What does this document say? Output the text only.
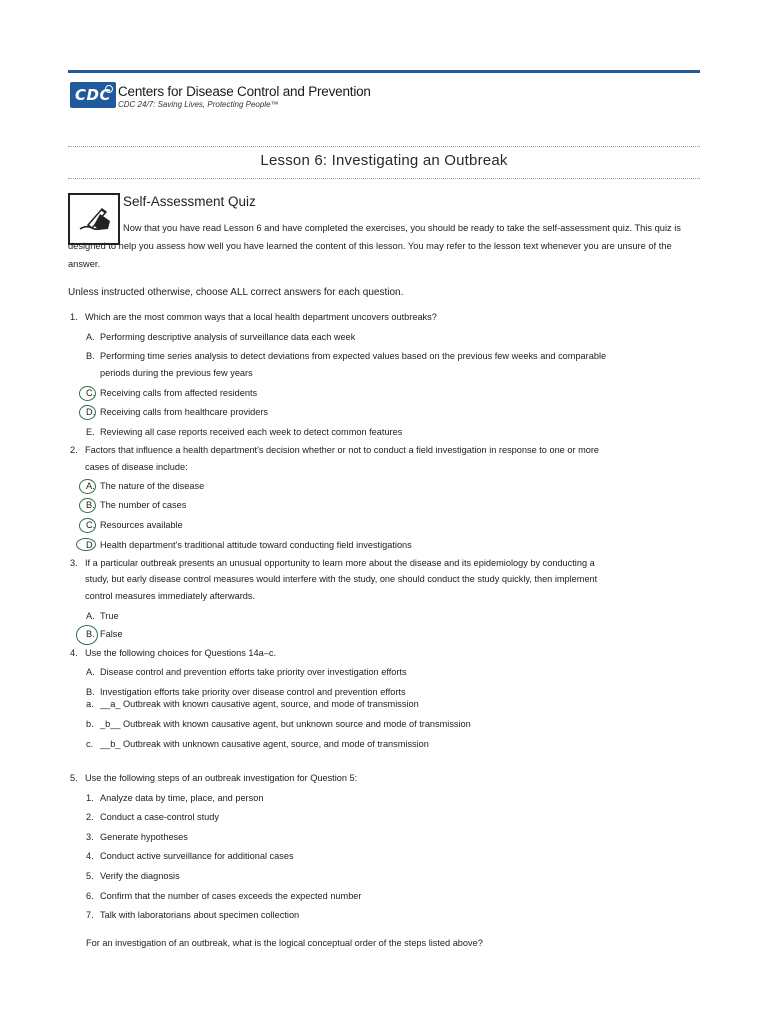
CDC Centers for Disease Control and Prevention
CDC 24/7: Saving Lives, Protecting People™
Lesson 6: Investigating an Outbreak
Self-Assessment Quiz
Now that you have read Lesson 6 and have completed the exercises, you should be ready to take the self-assessment quiz. This quiz is designed to help you assess how well you have learned the content of this lesson. You may refer to the lesson text whenever you are unsure of the answer.
Unless instructed otherwise, choose ALL correct answers for each question.
1. Which are the most common ways that a local health department uncovers outbreaks?
A. Performing descriptive analysis of surveillance data each week
B. Performing time series analysis to detect deviations from expected values based on the previous few weeks and comparable
periods during the previous few years
C. Receiving calls from affected residents
D. Receiving calls from healthcare providers
E. Reviewing all case reports received each week to detect common features
2. Factors that influence a health department's decision whether or not to conduct a field investigation in response to one or more
cases of disease include:
A. The nature of the disease
B. The number of cases
C. Resources available
D. Health department's traditional attitude toward conducting field investigations
3. If a particular outbreak presents an unusual opportunity to learn more about the disease and its epidemiology by conducting a
study, but early disease control measures would interfere with the study, one should conduct the study quickly, then implement
control measures immediately afterwards.
A. True
B. False
4. Use the following choices for Questions 14a–c.
A. Disease control and prevention efforts take priority over investigation efforts
B. Investigation efforts take priority over disease control and prevention efforts
a. __a_ Outbreak with known causative agent, source, and mode of transmission
b. _b__ Outbreak with known causative agent, but unknown source and mode of transmission
c. __b_ Outbreak with unknown causative agent, source, and mode of transmission
5. Use the following steps of an outbreak investigation for Question 5:
1. Analyze data by time, place, and person
2. Conduct a case-control study
3. Generate hypotheses
4. Conduct active surveillance for additional cases
5. Verify the diagnosis
6. Confirm that the number of cases exceeds the expected number
7. Talk with laboratorians about specimen collection
For an investigation of an outbreak, what is the logical conceptual order of the steps listed above?
